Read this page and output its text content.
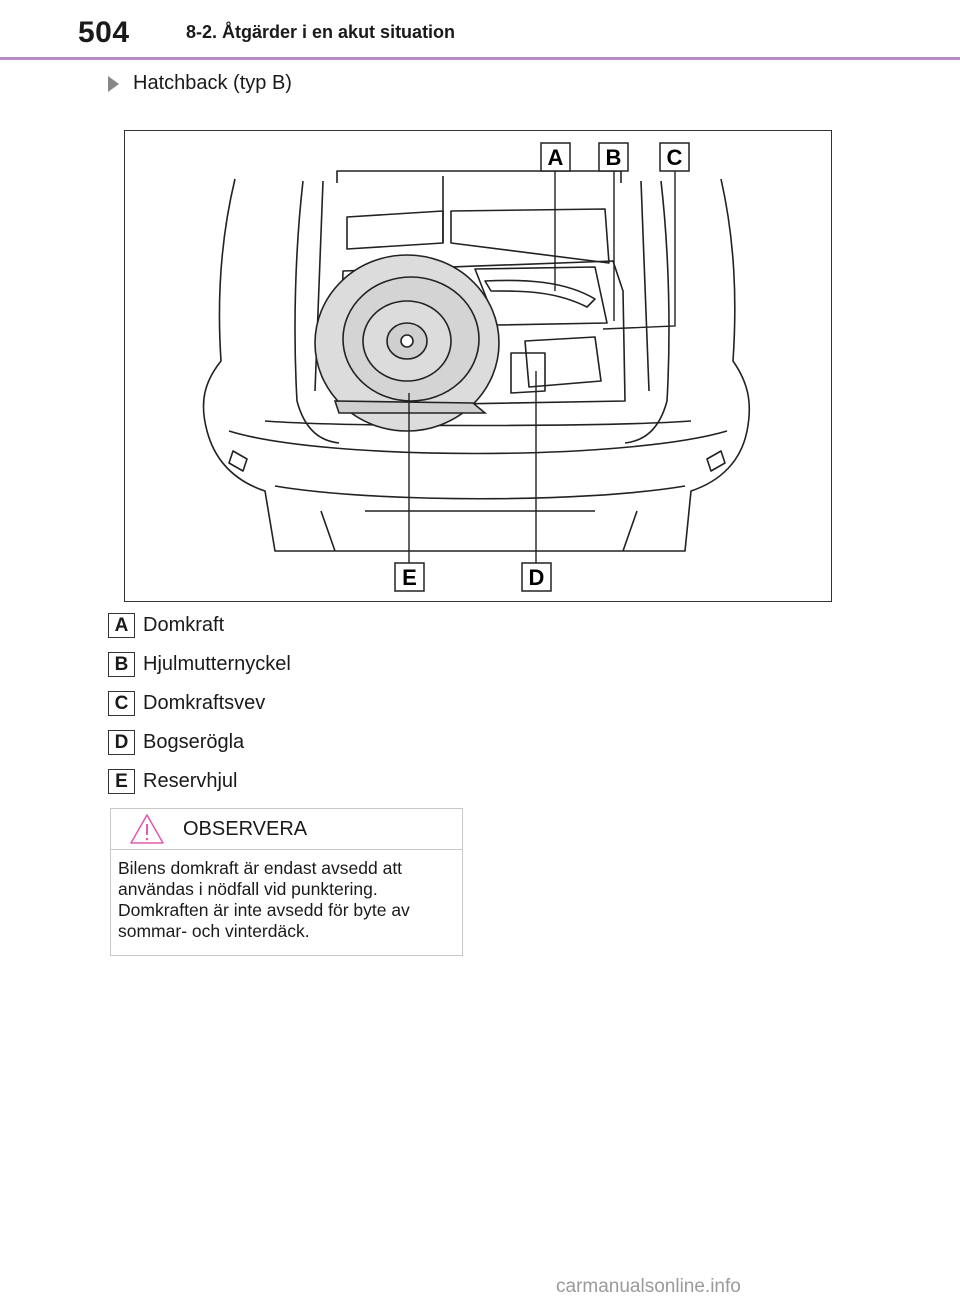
504	8-2. Åtgärder i en akut situation
Hatchback (typ B)
A B C
D
E
A Domkraft
B Hjulmutternyckel
C Domkraftsvev
D Bogserögla
E Reservhjul
OBSERVERA
Bilens domkraft är endast avsedd att användas i nödfall vid punktering. Domkraften är inte avsedd för byte av sommar- och vinterdäck.
carmanualsonline.info
